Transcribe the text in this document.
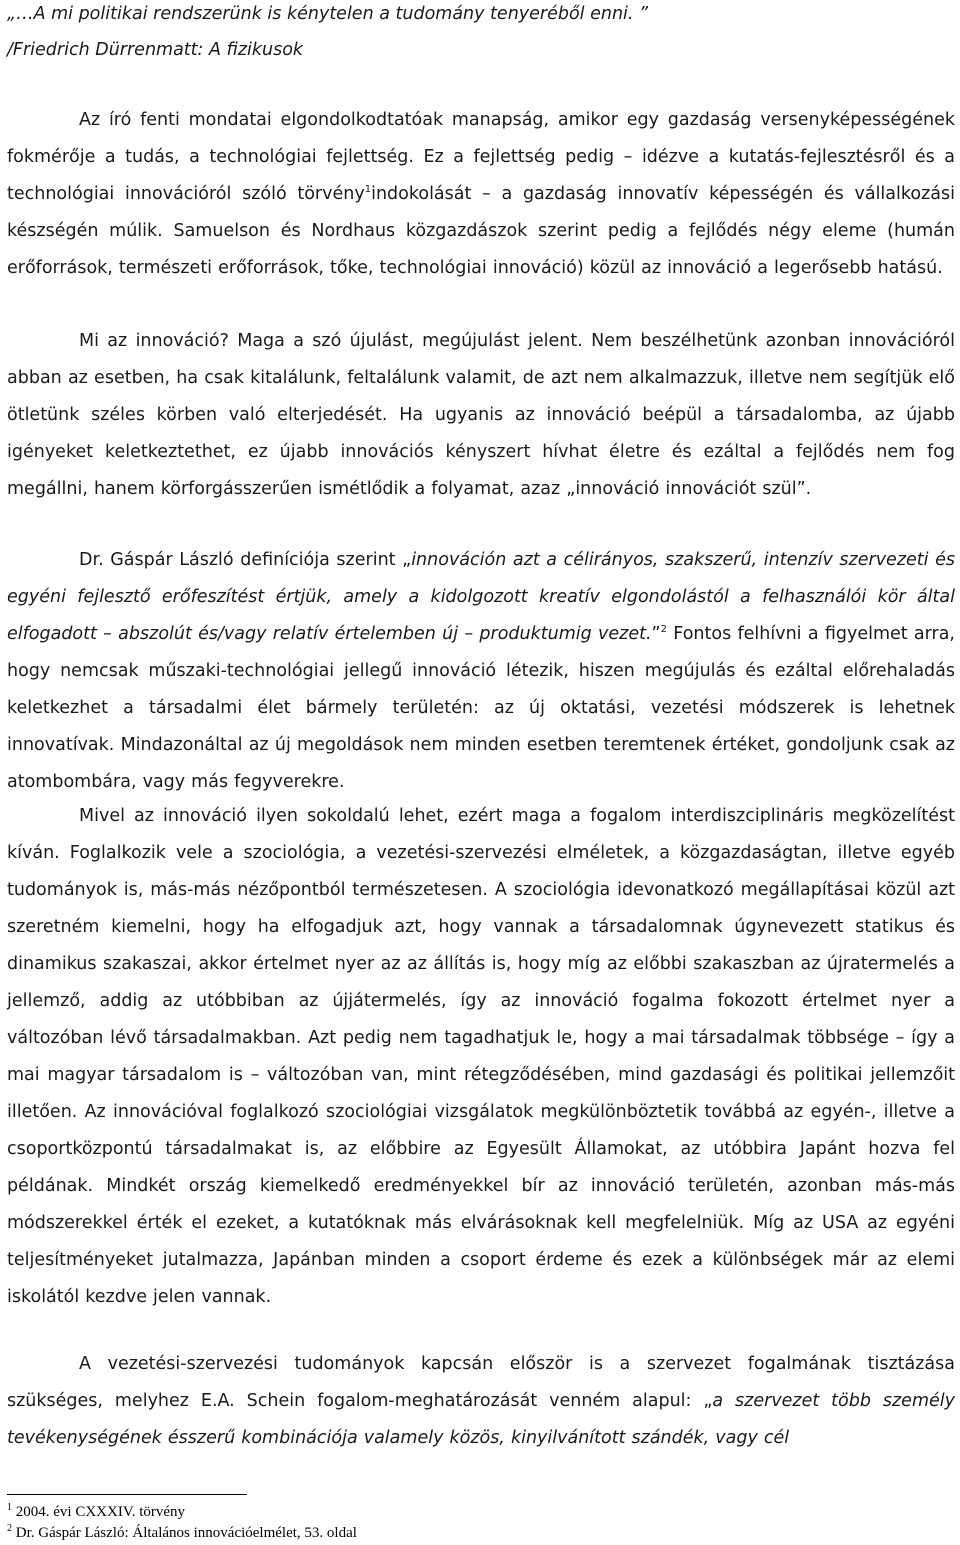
„…A mi politikai rendszerünk is kénytelen a tudomány tenyeréből enni. ”
/Friedrich Dürrenmatt: A fizikusok

Az író fenti mondatai elgondolkodtatóak manapság, amikor egy gazdaság versenyképességének fokmérője a tudás, a technológiai fejlettség. Ez a fejlettség pedig – idézve a kutatás-fejlesztésről és a technológiai innovációról szóló törvény$^1$indokolását – a gazdaság innovatív képességén és vállalkozási készségén múlik. Samuelson és Nordhaus közgazdászok szerint pedig a fejlődés négy eleme (humán erőforrások, természeti erőforrások, tőke, technológiai innováció) közül az innováció a legerősebb hatású.

Mi az innováció? Maga a szó újulást, megújulást jelent. Nem beszélhetünk azonban innovációról abban az esetben, ha csak kitalálunk, feltalálunk valamit, de azt nem alkalmazzuk, illetve nem segítjük elő ötletünk széles körben való elterjedését. Ha ugyanis az innováció beépül a társadalomba, az újabb igényeket keletkeztethet, ez újabb innovációs kényszert hívhat életre és ezáltal a fejlődés nem fog megállni, hanem körforgásszerűen ismétlődik a folyamat, azaz „innováció innovációt szül”.

Dr. Gáspár László definíciója szerint „innováción azt a célirányos, szakszerű, intenzív szervezeti és egyéni fejlesztő erőfeszítést értjük, amely a kidolgozott kreatív elgondolástól a felhasználói kör által elfogadott – abszolút és/vagy relatív értelemben új – produktumig vezet.”$^2$ Fontos felhívni a figyelmet arra, hogy nemcsak műszaki-technológiai jellegű innováció létezik, hiszen megújulás és ezáltal előrehaladás keletkezhet a társadalmi élet bármely területén: az új oktatási, vezetési módszerek is lehetnek innovatívak. Mindazonáltal az új megoldások nem minden esetben teremtenek értéket, gondoljunk csak az atombombára, vagy más fegyverekre.

Mivel az innováció ilyen sokoldalú lehet, ezért maga a fogalom interdiszciplináris megközelítést kíván. Foglalkozik vele a szociológia, a vezetési-szervezési elméletek, a közgazdaságtan, illetve egyéb tudományok is, más-más nézőpontból természetesen. A szociológia idevonatkozó megállapításai közül azt szeretném kiemelni, hogy ha elfogadjuk azt, hogy vannak a társadalomnak úgynevezett statikus és dinamikus szakaszai, akkor értelmet nyer az az állítás is, hogy míg az előbbi szakaszban az újratermelés a jellemző, addig az utóbbiban az újjátermelés, így az innováció fogalma fokozott értelmet nyer a változóban lévő társadalmakban. Azt pedig nem tagadhatjuk le, hogy a mai társadalmak többsége – így a mai magyar társadalom is – változóban van, mint rétegződésében, mind gazdasági és politikai jellemzőit illetően. Az innovációval foglalkozó szociológiai vizsgálatok megkülönböztetik továbbá az egyén-, illetve a csoportközpontú társadalmakat is, az előbbire az Egyesült Államokat, az utóbbira Japánt hozva fel példának. Mindkét ország kiemelkedő eredményekkel bír az innováció területén, azonban más-más módszerekkel érték el ezeket, a kutatóknak más elvárásoknak kell megfelelniük. Míg az USA az egyéni teljesítményeket jutalmazza, Japánban minden a csoport érdeme és ezek a különbségek már az elemi iskolától kezdve jelen vannak.

A vezetési-szervezési tudományok kapcsán először is a szervezet fogalmának tisztázása szükséges, melyhez E.A. Schein fogalom-meghatározását venném alapul: „a szervezet több személy tevékenységének ésszerű kombinációja valamely közös, kinyilvánított szándék, vagy cél

$^1$ 2004. évi CXXXIV. törvény
$^2$ Dr. Gáspár László: Általános innovációelmélet, 53. oldal
